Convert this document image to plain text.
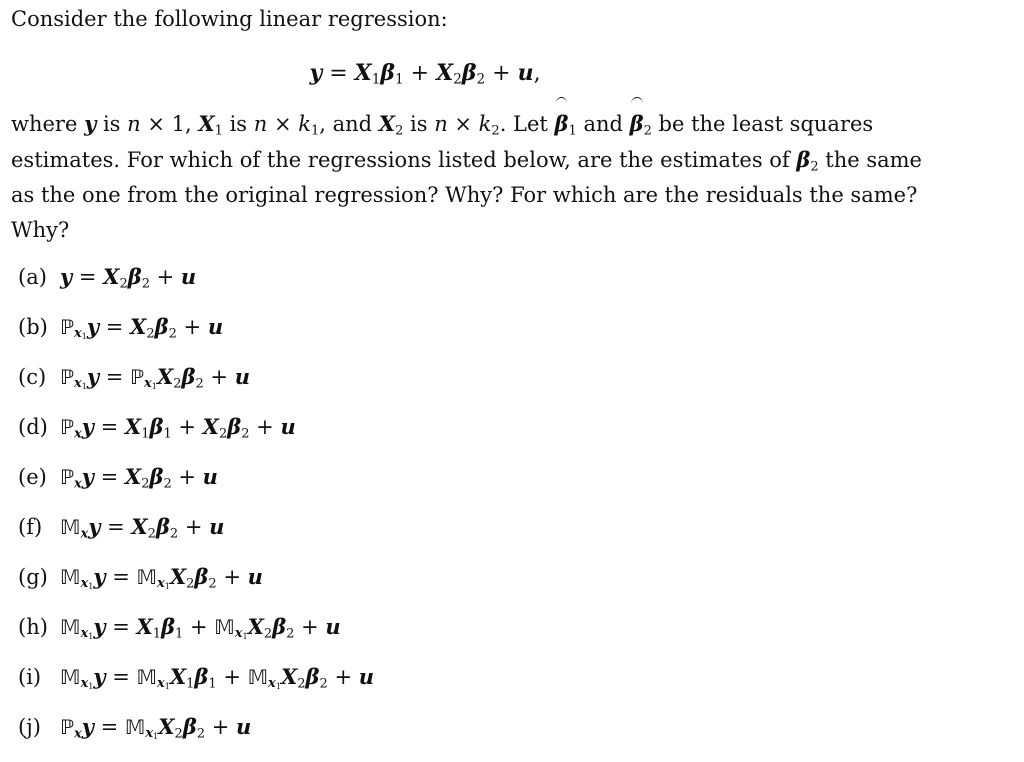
Consider the following linear regression:
$y = X_1\beta_1 + X_2\beta_2 + u$,
where y is n × 1, $X_1$ is $n \times k_1$, and $X_2$ is $n \times k_2$. Let $\beta_1$ and $\beta_2$ be the least squares
estimates. For which of the regressions listed below, are the estimates of $\beta_2$ the same
as the one from the original regression? Why? For which are the residuals the same?
Why?
(a) $y = X_2\beta_2 + u$
(b) ℙ$_{x_1}$y = $X_2\beta_2 + u$
(c) ℙ$_{x_1}$y = $ℙ_{x_1}X_2\beta_2 + u$
(d) ℙ$_x$y = $X_1\beta_1 + X_2\beta_2 + u$
(e) ℙ$_x$y = $X_2\beta_2 + u$
(f) 𝕄$_x$y = $X_2\beta_2 + u$
(g) 𝕄$_{x_1}$y = $𝕄_{x_1}X_2\beta_2 + u$
(h) 𝕄$_{x_1}$y = $X_1\beta_1$ + $𝕄_{x_1}X_2\beta_2 + u$
(i) 𝕄$_{x_1}$y = $𝕄_{x_1}X_1\beta_1$ + $𝕄_{x_1}X_2\beta_2 + u$
(j) ℙ$_x$y = $𝕄_{x_1}X_2\beta_2 + u$
